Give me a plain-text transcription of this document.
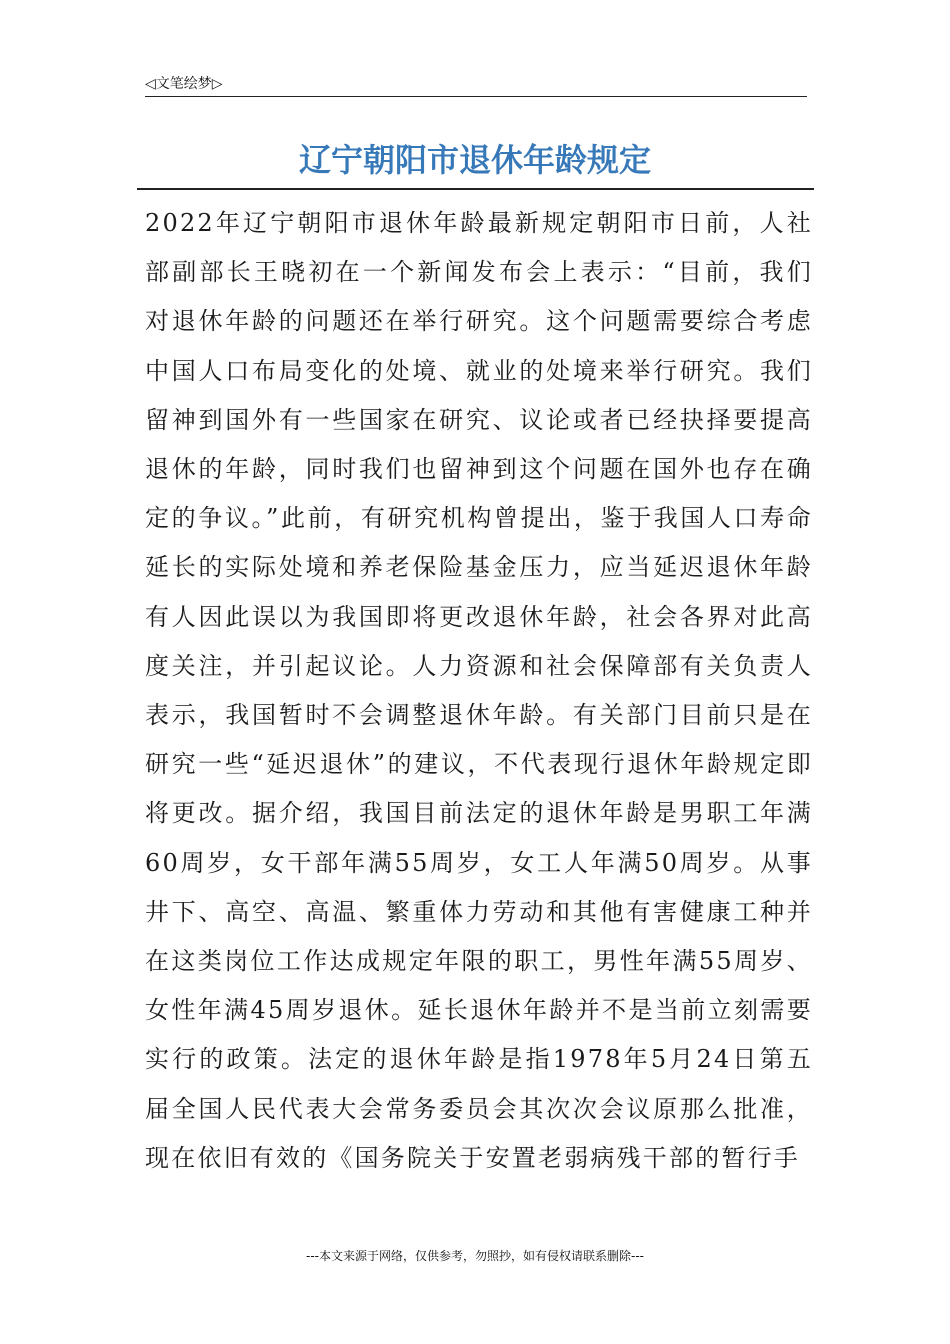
◁文笔绘梦▷
辽宁朝阳市退休年龄规定

2022年辽宁朝阳市退休年龄最新规定朝阳市日前，人社部副部长王晓初在一个新闻发布会上表示：“目前，我们对退休年龄的问题还在举行研究。这个问题需要综合考虑中国人口布局变化的处境、就业的处境来举行研究。我们留神到国外有一些国家在研究、议论或者已经抉择要提高退休的年龄，同时我们也留神到这个问题在国外也存在确定的争议。”此前，有研究机构曾提出，鉴于我国人口寿命延长的实际处境和养老保险基金压力，应当延迟退休年龄有人因此误以为我国即将更改退休年龄，社会各界对此高度关注，并引起议论。人力资源和社会保障部有关负责人表示，我国暂时不会调整退休年龄。有关部门目前只是在研究一些“延迟退休”的建议，不代表现行退休年龄规定即将更改。据介绍，我国目前法定的退休年龄是男职工年满60周岁，女干部年满55周岁，女工人年满50周岁。从事井下、高空、高温、繁重体力劳动和其他有害健康工种并在这类岗位工作达成规定年限的职工，男性年满55周岁、女性年满45周岁退休。延长退休年龄并不是当前立刻需要实行的政策。法定的退休年龄是指1978年5月24日第五届全国人民代表大会常务委员会其次次会议原那么批准，现在依旧有效的《国务院关于安置老弱病残干部的暂行手

---本文来源于网络，仅供参考，勿照抄，如有侵权请联系删除---
